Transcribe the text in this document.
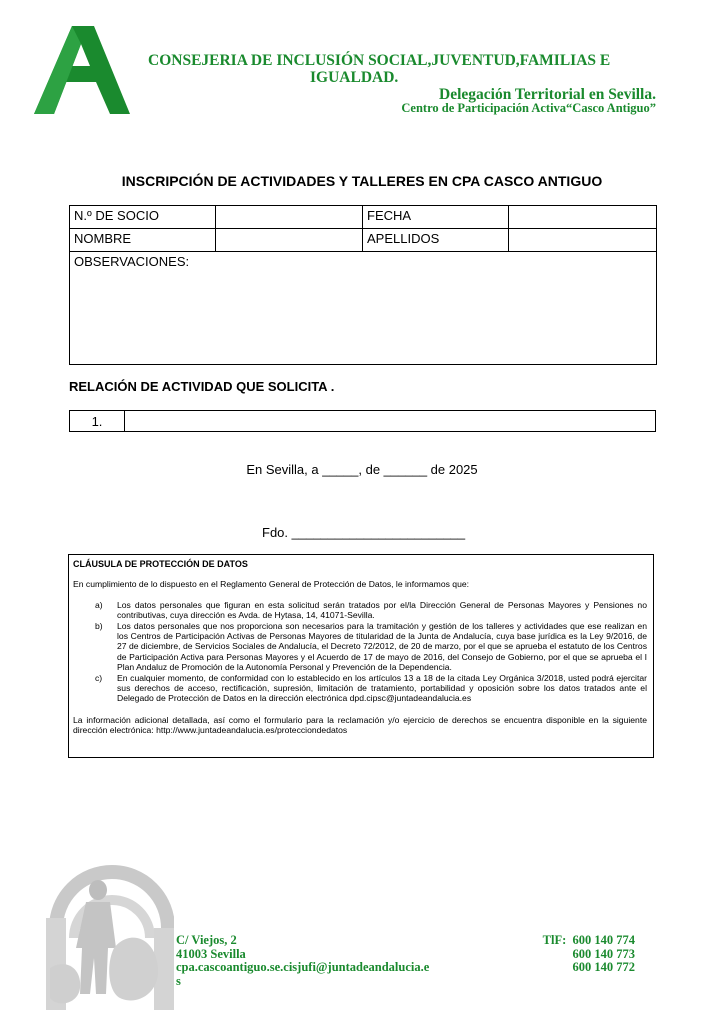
CONSEJERIA DE INCLUSIÓN SOCIAL,JUVENTUD,FAMILIAS E
IGUALDAD.
Delegación Territorial en Sevilla.
Centro de Participación Activa“Casco Antiguo”
INSCRIPCIÓN DE ACTIVIDADES Y TALLERES EN CPA CASCO ANTIGUO
N.º DE SOCIO		FECHA	
NOMBRE		APELLIDOS	
OBSERVACIONES:			
RELACIÓN DE ACTIVIDAD QUE SOLICITA .
1.	
En Sevilla, a _____, de ______ de 2025
Fdo. ________________________
CLÁUSULA DE PROTECCIÓN DE DATOS
En cumplimiento de lo dispuesto en el Reglamento General de Protección de Datos, le informamos que:
a)	Los datos personales que figuran en esta solicitud serán tratados por el/la Dirección General de Personas Mayores y Pensiones no contributivas, cuya dirección es Avda. de Hytasa, 14, 41071-Sevilla.
b)	Los datos personales que nos proporciona son necesarios para la tramitación y gestión de los talleres y actividades que ese realizan en los Centros de Participación Activas de Personas Mayores de titularidad de la Junta de Andalucía, cuya base jurídica es la Ley 9/2016, de 27 de diciembre, de Servicios Sociales de Andalucía, el Decreto 72/2012, de 20 de marzo, por el que se aprueba el estatuto de los Centros de Participación Activa para Personas Mayores y el Acuerdo de 17 de mayo de 2016, del Consejo de Gobierno, por el que se aprueba el I Plan Andaluz de Promoción de la Autonomía Personal y Prevención de la Dependencia.
c)	En cualquier momento, de conformidad con lo establecido en los artículos 13 a 18 de la citada Ley Orgánica 3/2018, usted podrá ejercitar sus derechos de acceso, rectificación, supresión, limitación de tratamiento, portabilidad y oposición sobre los datos tratados ante el Delegado de Protección de Datos en la dirección electrónica dpd.cipsc@juntadeandalucia.es
La información adicional detallada, así como el formulario para la reclamación y/o ejercicio de derechos se encuentra disponible en la siguiente dirección electrónica: http://www.juntadeandalucia.es/protecciondedatos
C/ Viejos, 2
41003 Sevilla
cpa.cascoantiguo.se.cisjufi@juntadeandalucia.e
s
TlF: 600 140 774
600 140 773
600 140 772
